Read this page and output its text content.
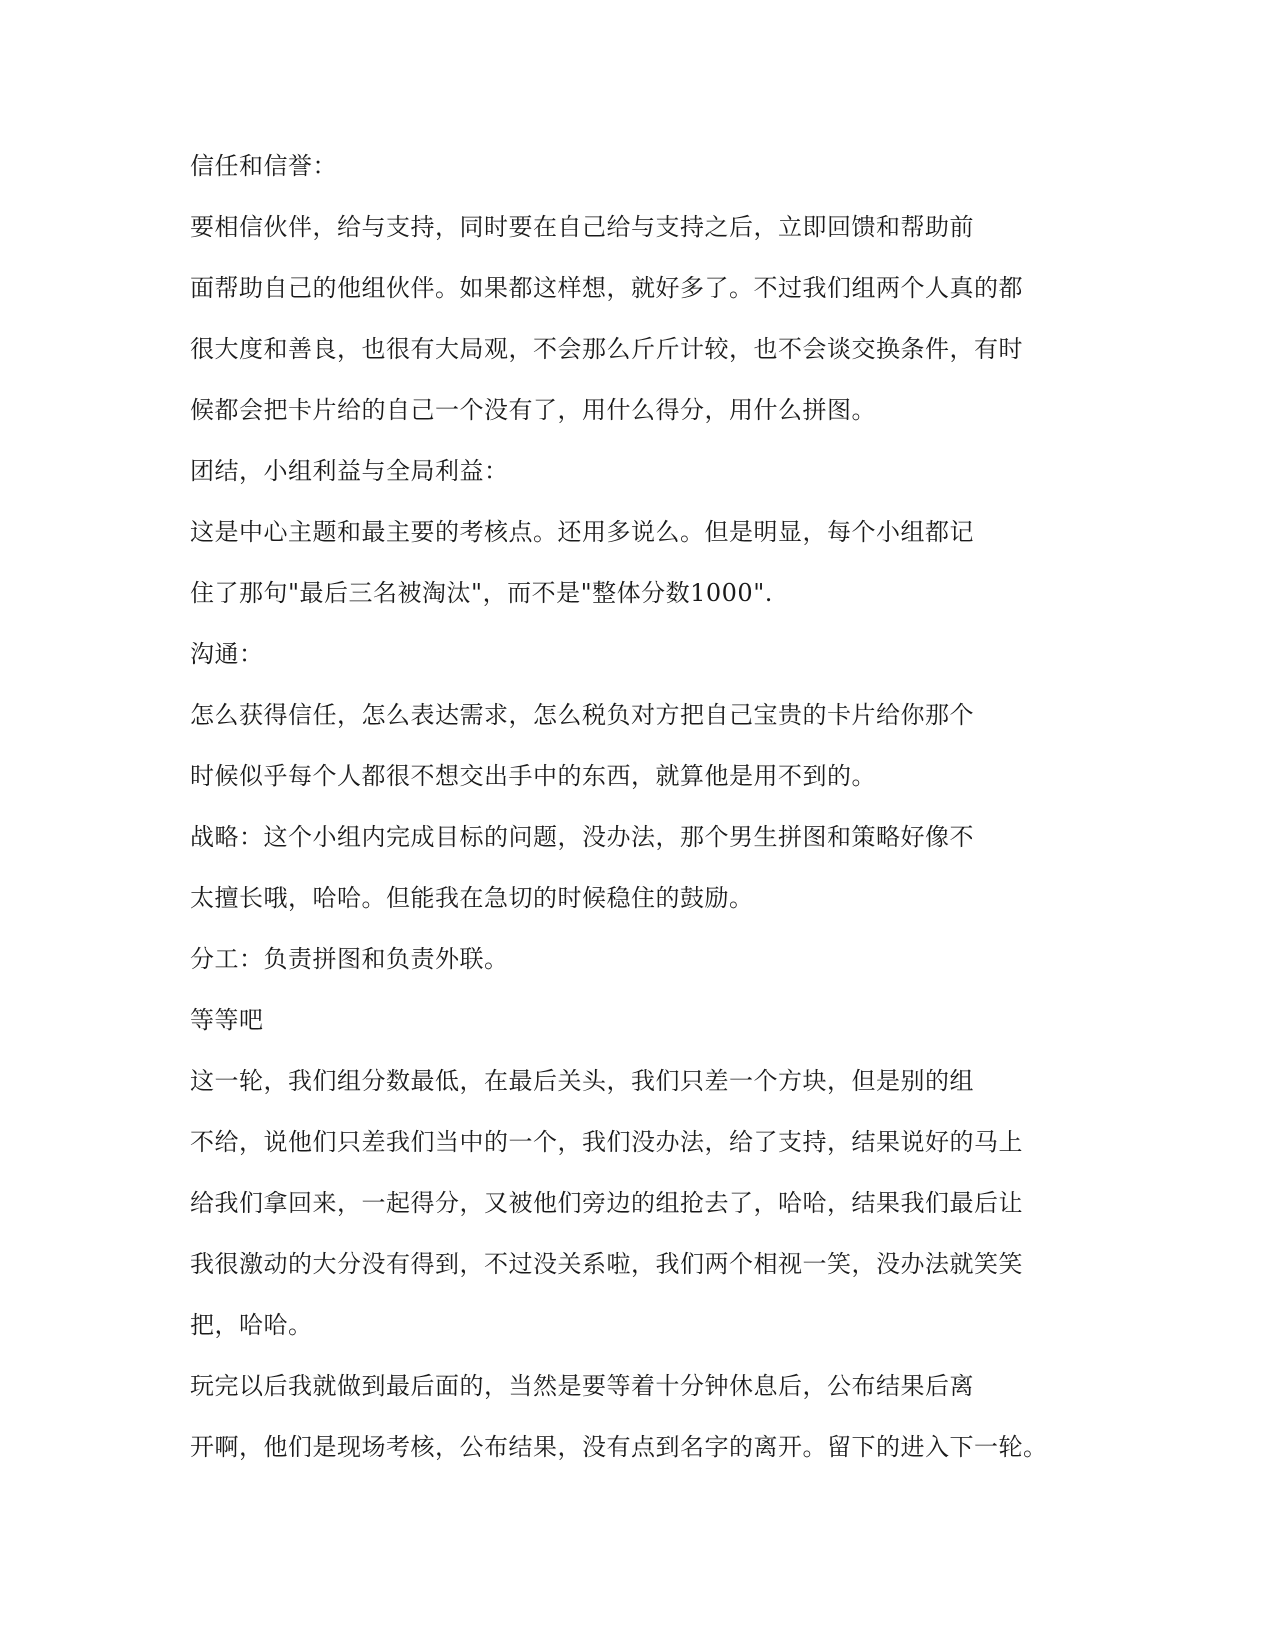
信任和信誉：
要相信伙伴，给与支持，同时要在自己给与支持之后，立即回馈和帮助前
面帮助自己的他组伙伴。如果都这样想，就好多了。不过我们组两个人真的都
很大度和善良，也很有大局观，不会那么斤斤计较，也不会谈交换条件，有时
候都会把卡片给的自己一个没有了，用什么得分，用什么拼图。
团结，小组利益与全局利益：
这是中心主题和最主要的考核点。还用多说么。但是明显，每个小组都记
住了那句"最后三名被淘汰"，而不是"整体分数1000".
沟通：
怎么获得信任，怎么表达需求，怎么税负对方把自己宝贵的卡片给你那个
时候似乎每个人都很不想交出手中的东西，就算他是用不到的。
战略：这个小组内完成目标的问题，没办法，那个男生拼图和策略好像不
太擅长哦，哈哈。但能我在急切的时候稳住的鼓励。
分工：负责拼图和负责外联。
等等吧
这一轮，我们组分数最低，在最后关头，我们只差一个方块，但是别的组
不给，说他们只差我们当中的一个，我们没办法，给了支持，结果说好的马上
给我们拿回来，一起得分，又被他们旁边的组抢去了，哈哈，结果我们最后让
我很激动的大分没有得到，不过没关系啦，我们两个相视一笑，没办法就笑笑
把，哈哈。
玩完以后我就做到最后面的，当然是要等着十分钟休息后，公布结果后离
开啊，他们是现场考核，公布结果，没有点到名字的离开。留下的进入下一轮。
